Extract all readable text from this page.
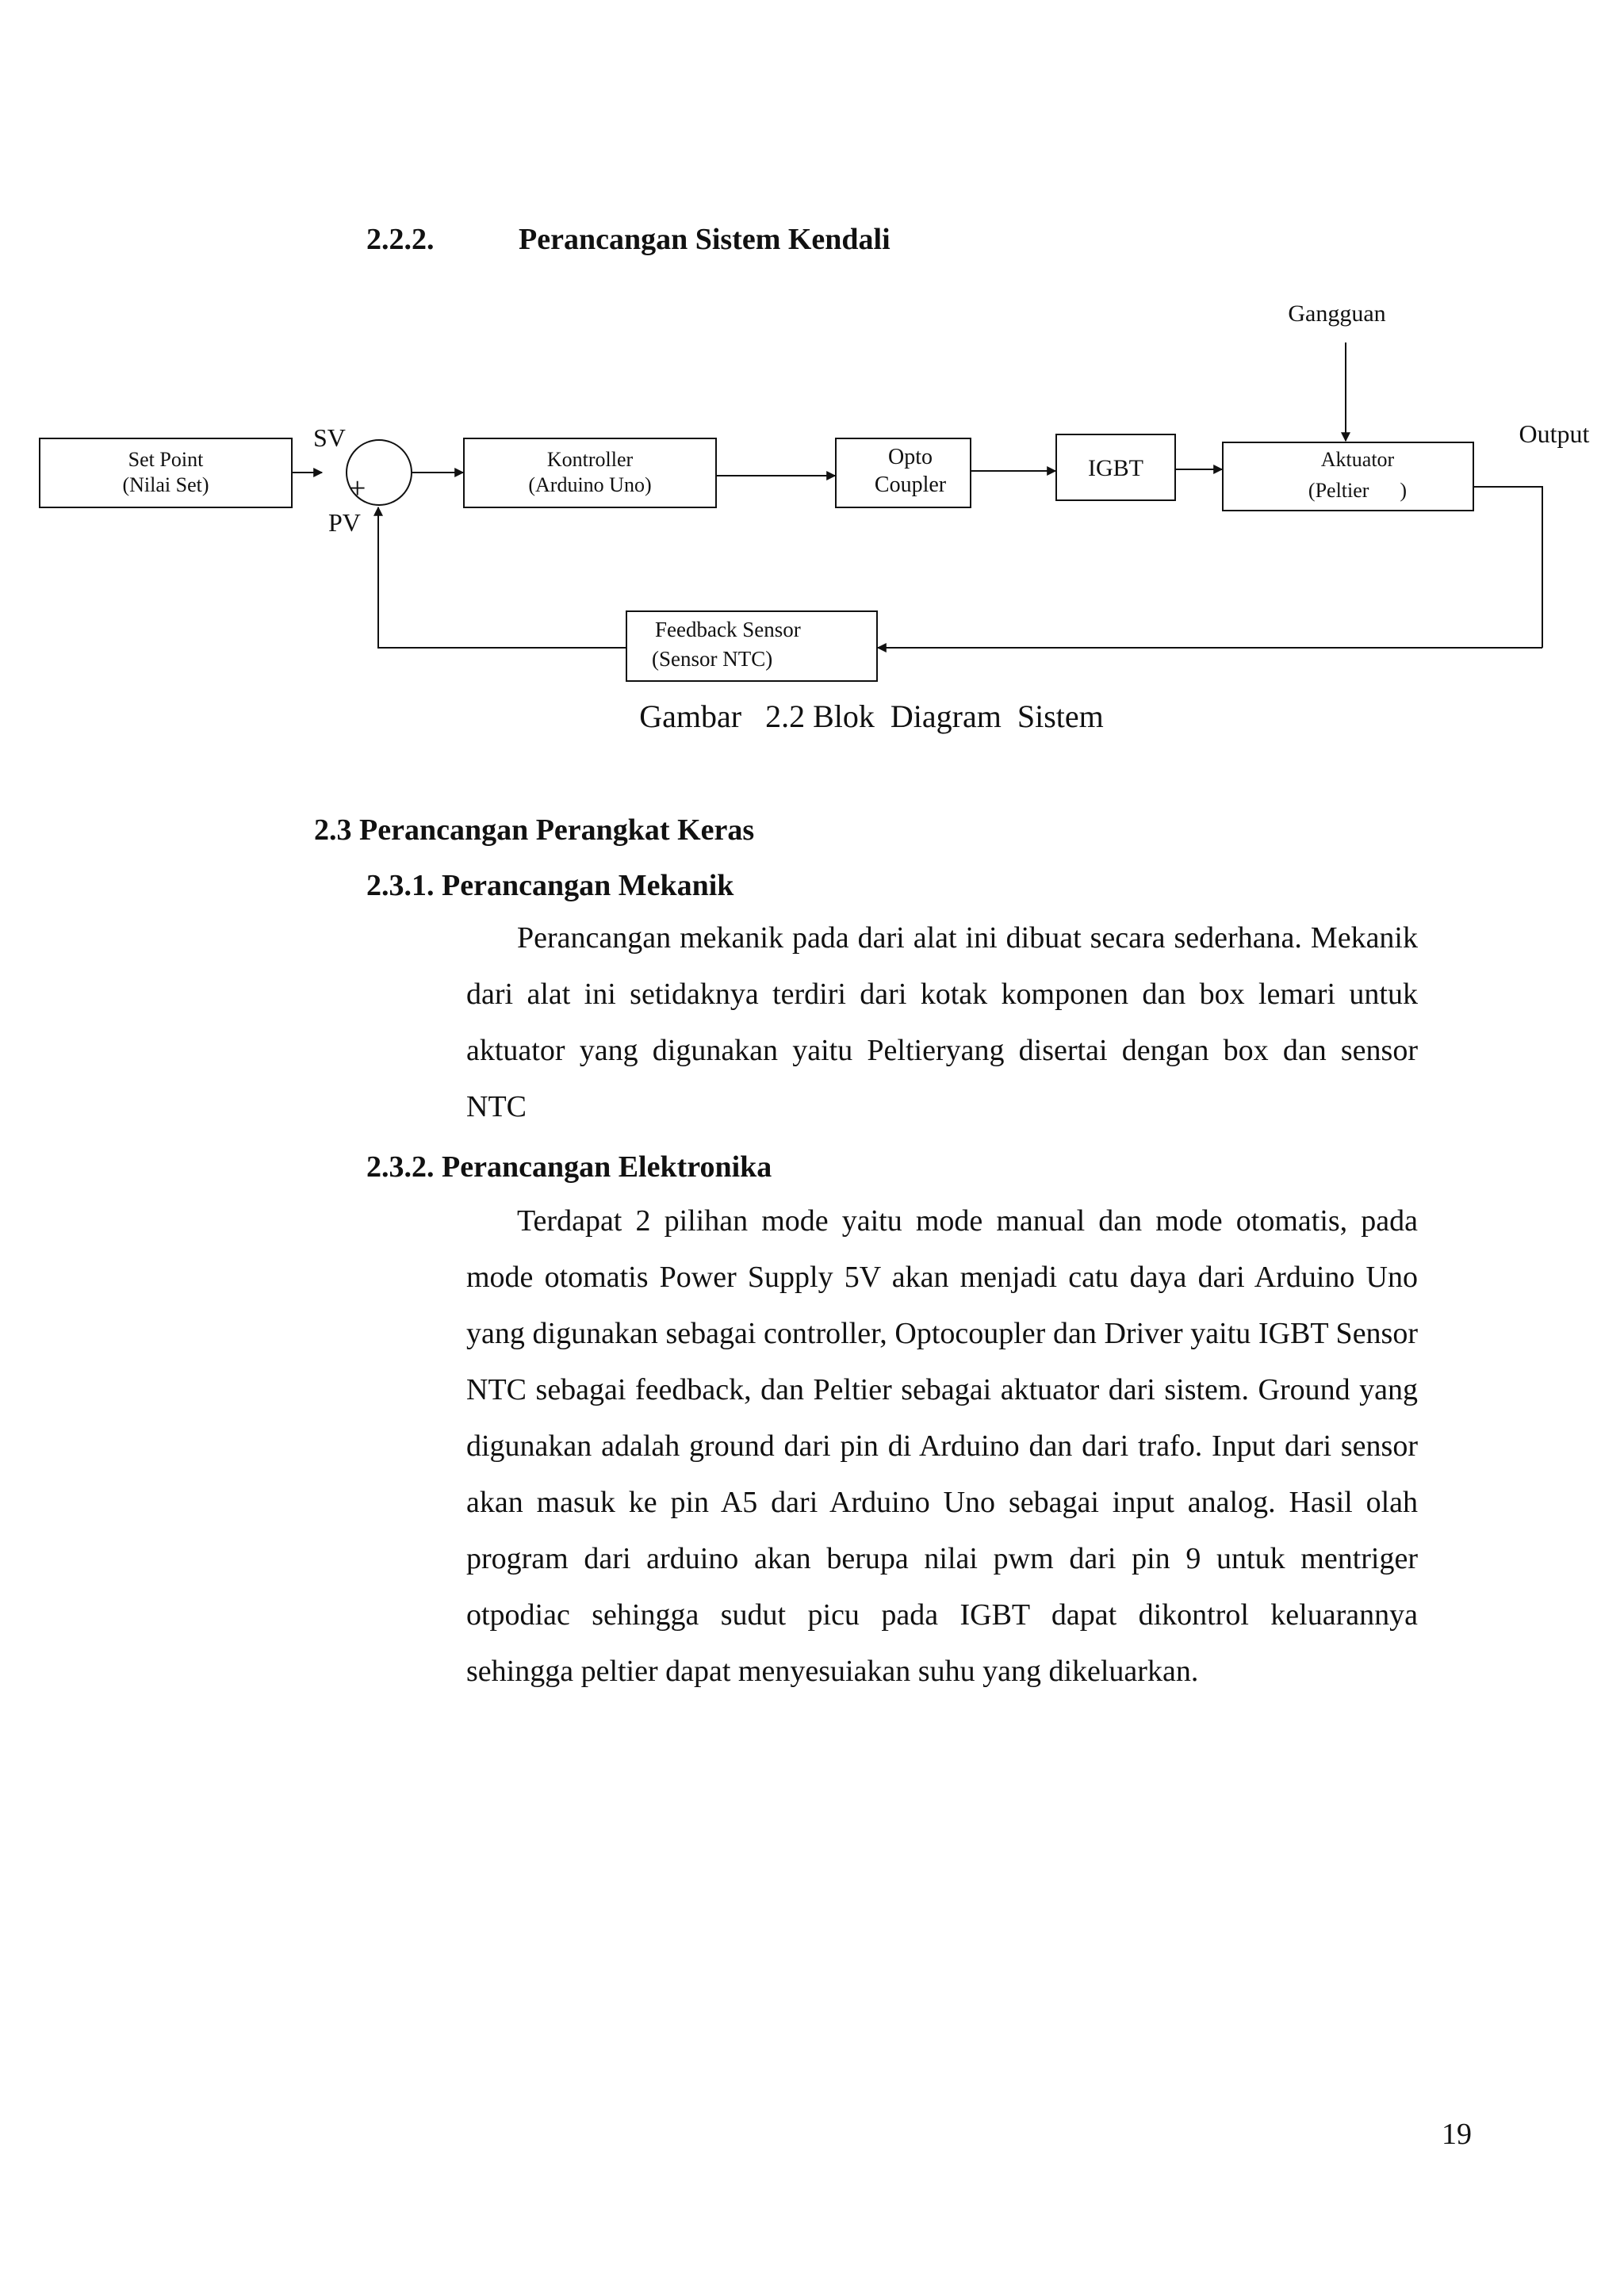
2.2.2.	Perancangan Sistem Kendali
Set Point
(Nilai Set)
SV
+
PV
Kontroller
(Arduino Uno)
Opto
Coupler
IGBT	Aktuator
(Peltier      )
Gangguan
Output
Feedback Sensor
(Sensor NTC)
Gambar   2.2 Blok  Diagram  Sistem
2.3 Perancangan Perangkat Keras
2.3.1. Perancangan Mekanik
Perancangan mekanik pada dari alat ini dibuat secara sederhana. Mekanik dari alat ini setidaknya terdiri dari kotak komponen dan box lemari untuk aktuator yang digunakan yaitu Peltieryang disertai dengan box dan sensor NTC
2.3.2. Perancangan Elektronika
Terdapat 2 pilihan mode yaitu mode manual dan mode otomatis, pada mode otomatis Power Supply 5V akan menjadi catu daya dari Arduino Uno yang digunakan sebagai controller, Optocoupler dan Driver yaitu IGBT Sensor NTC sebagai feedback, dan Peltier sebagai aktuator dari sistem. Ground yang digunakan adalah ground dari pin di Arduino dan dari trafo. Input dari sensor akan masuk ke pin A5 dari Arduino Uno sebagai input analog. Hasil olah program dari arduino akan berupa nilai pwm dari pin 9 untuk mentriger otpodiac sehingga sudut picu pada IGBT dapat dikontrol keluarannya sehingga peltier dapat menyesuiakan suhu yang dikeluarkan.
19
